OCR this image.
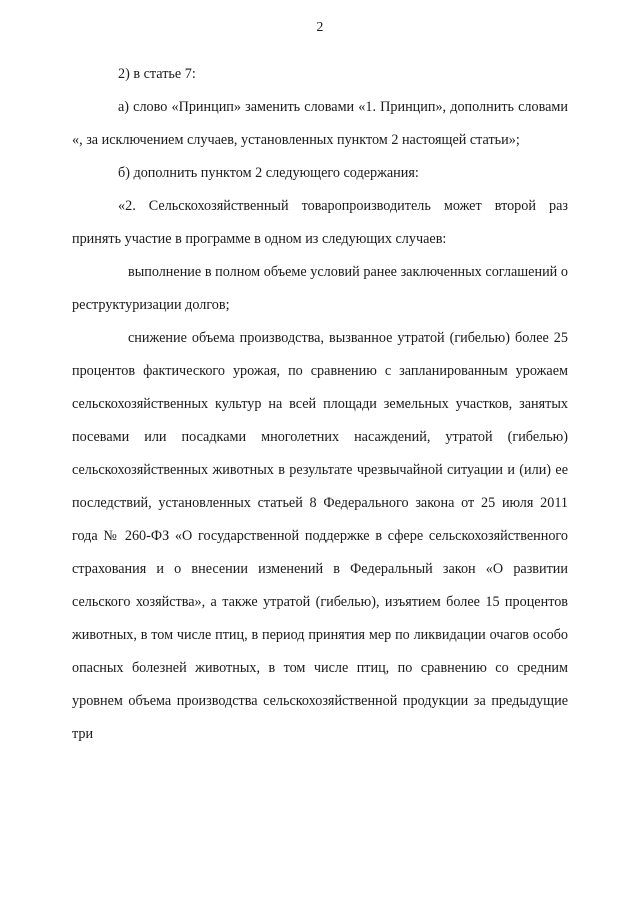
2

2) в статье 7:

а) слово «Принцип» заменить словами «1. Принцип», дополнить словами «, за исключением случаев, установленных пунктом 2 настоящей статьи»;

б) дополнить пунктом 2 следующего содержания:

«2. Сельскохозяйственный товаропроизводитель может второй раз принять участие в программе в одном из следующих случаев:

выполнение в полном объеме условий ранее заключенных соглашений о реструктуризации долгов;

снижение объема производства, вызванное утратой (гибелью) более 25 процентов фактического урожая, по сравнению с запланированным урожаем сельскохозяйственных культур на всей площади земельных участков, занятых посевами или посадками многолетних насаждений, утратой (гибелью) сельскохозяйственных животных в результате чрезвычайной ситуации и (или) ее последствий, установленных статьей 8 Федерального закона от 25 июля 2011 года № 260-ФЗ «О государственной поддержке в сфере сельскохозяйственного страхования и о внесении изменений в Федеральный закон «О развитии сельского хозяйства», а также утратой (гибелью), изъятием более 15 процентов животных, в том числе птиц, в период принятия мер по ликвидации очагов особо опасных болезней животных, в том числе птиц, по сравнению со средним уровнем объема производства сельскохозяйственной продукции за предыдущие три
